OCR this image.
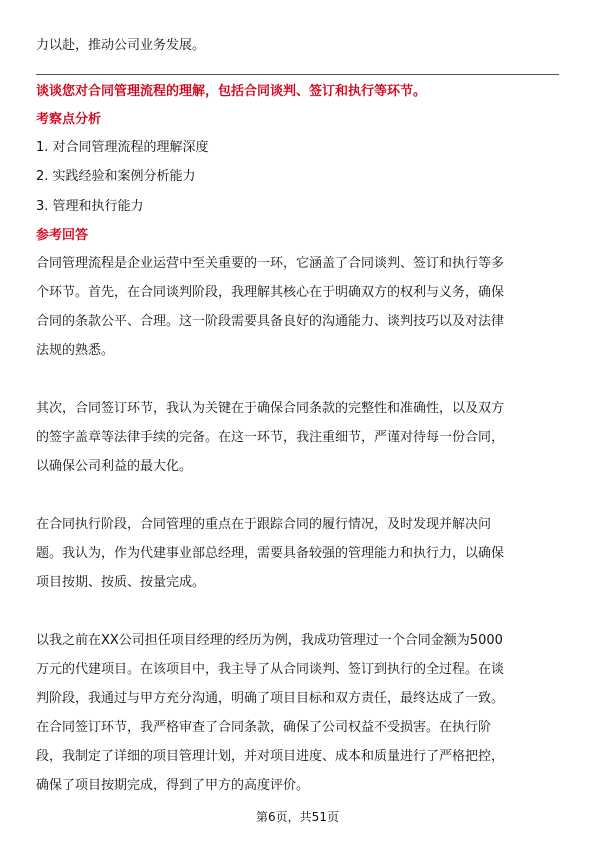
力以赴，推动公司业务发展。
谈谈您对合同管理流程的理解，包括合同谈判、签订和执行等环节。
考察点分析
1. 对合同管理流程的理解深度
2. 实践经验和案例分析能力
3. 管理和执行能力
参考回答
合同管理流程是企业运营中至关重要的一环，它涵盖了合同谈判、签订和执行等多
个环节。首先，在合同谈判阶段，我理解其核心在于明确双方的权利与义务，确保
合同的条款公平、合理。这一阶段需要具备良好的沟通能力、谈判技巧以及对法律
法规的熟悉。
其次，合同签订环节，我认为关键在于确保合同条款的完整性和准确性，以及双方
的签字盖章等法律手续的完备。在这一环节，我注重细节，严谨对待每一份合同，
以确保公司利益的最大化。
在合同执行阶段，合同管理的重点在于跟踪合同的履行情况，及时发现并解决问
题。我认为，作为代建事业部总经理，需要具备较强的管理能力和执行力，以确保
项目按期、按质、按量完成。
以我之前在XX公司担任项目经理的经历为例，我成功管理过一个合同金额为5000
万元的代建项目。在该项目中，我主导了从合同谈判、签订到执行的全过程。在谈
判阶段，我通过与甲方充分沟通，明确了项目目标和双方责任，最终达成了一致。
在合同签订环节，我严格审查了合同条款，确保了公司权益不受损害。在执行阶
段，我制定了详细的项目管理计划，并对项目进度、成本和质量进行了严格把控，
确保了项目按期完成，得到了甲方的高度评价。
第6页，共51页
